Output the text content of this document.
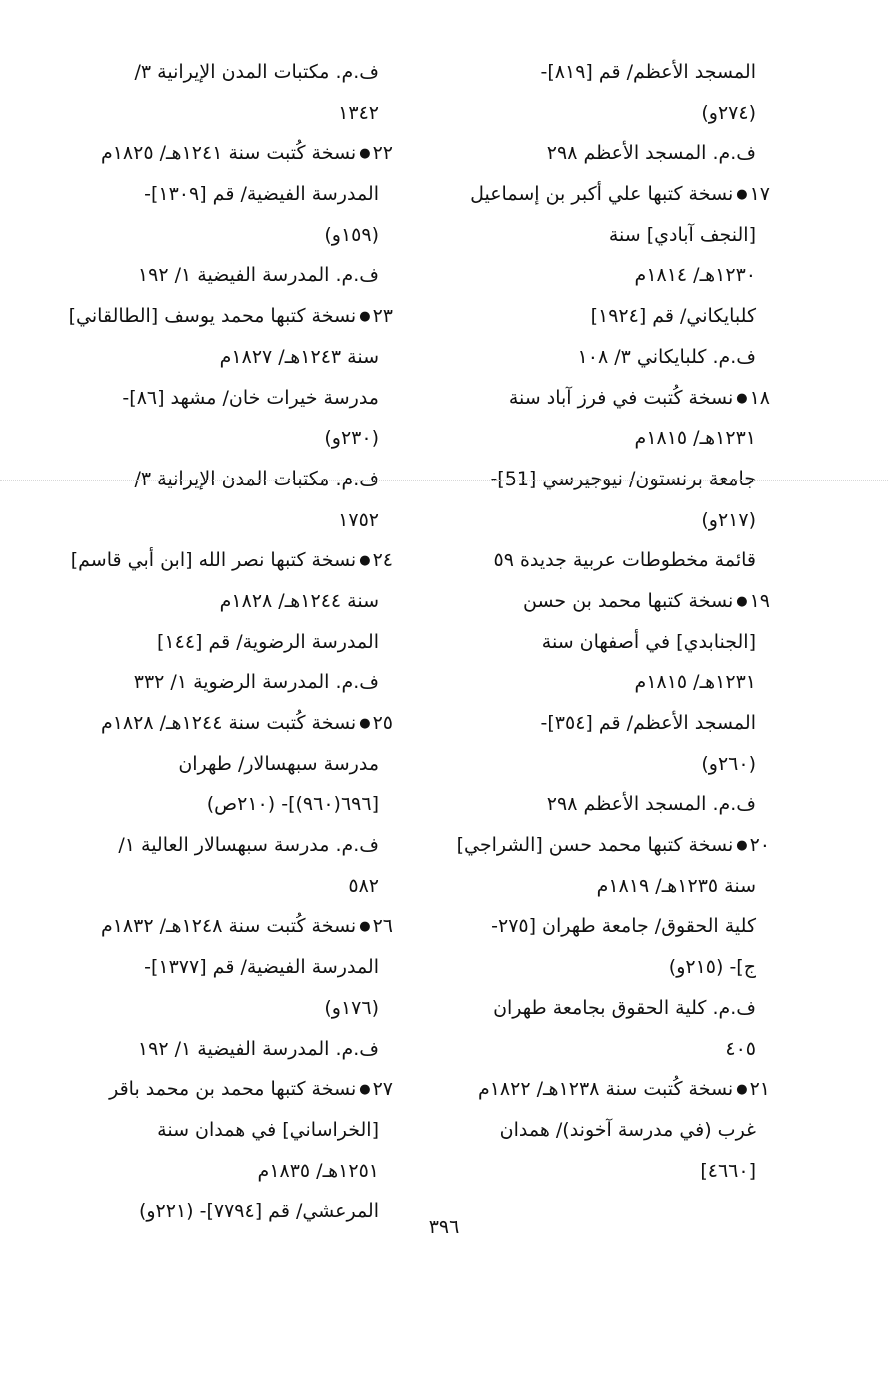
المسجد الأعظم/ قم [٨١٩]-
(٢٧٤و)
ف.م. المسجد الأعظم ٢٩٨
١٧●نسخة كتبها علي أكبر بن إسماعيل
[النجف آبادي] سنة
١٢٣٠هـ/ ١٨١٤م
كلبايكاني/ قم [١٩٢٤]
ف.م. كلبايكاني ٣/ ١٠٨
١٨●نسخة كُتبت في فرز آباد سنة
١٢٣١هـ/ ١٨١٥م
جامعة برنستون/ نيوجيرسي [51]-
(٢١٧و)
قائمة مخطوطات عربية جديدة ٥٩
١٩●نسخة كتبها محمد بن حسن
[الجنابدي] في أصفهان سنة
١٢٣١هـ/ ١٨١٥م
المسجد الأعظم/ قم [٣٥٤]-
(٢٦٠و)
ف.م. المسجد الأعظم ٢٩٨
٢٠●نسخة كتبها محمد حسن [الشراجي]
سنة ١٢٣٥هـ/ ١٨١٩م
كلية الحقوق/ جامعة طهران [٢٧٥-
ج]- (٢١٥و)
ف.م. كلية الحقوق بجامعة طهران
٤٠٥
٢١●نسخة كُتبت سنة ١٢٣٨هـ/ ١٨٢٢م
غرب (في مدرسة آخوند)/ همدان
[٤٦٦٠]
ف.م. مكتبات المدن الإيرانية ٣/
١٣٤٢
٢٢●نسخة كُتبت سنة ١٢٤١هـ/ ١٨٢٥م
المدرسة الفيضية/ قم [١٣٠٩]-
(١٥٩و)
ف.م. المدرسة الفيضية ١/ ١٩٢
٢٣●نسخة كتبها محمد يوسف [الطالقاني]
سنة ١٢٤٣هـ/ ١٨٢٧م
مدرسة خيرات خان/ مشهد [٨٦]-
(٢٣٠و)
ف.م. مكتبات المدن الإيرانية ٣/
١٧٥٢
٢٤●نسخة كتبها نصر الله [ابن أبي قاسم]
سنة ١٢٤٤هـ/ ١٨٢٨م
المدرسة الرضوية/ قم [١٤٤]
ف.م. المدرسة الرضوية ١/ ٣٣٢
٢٥●نسخة كُتبت سنة ١٢٤٤هـ/ ١٨٢٨م
مدرسة سبهسالار/ طهران
[٦٩٦(٩٦٠)]- (٢١٠ص)
ف.م. مدرسة سبهسالار العالية ١/
٥٨٢
٢٦●نسخة كُتبت سنة ١٢٤٨هـ/ ١٨٣٢م
المدرسة الفيضية/ قم [١٣٧٧]-
(١٧٦و)
ف.م. المدرسة الفيضية ١/ ١٩٢
٢٧●نسخة كتبها محمد بن محمد باقر
[الخراساني] في همدان سنة
١٢٥١هـ/ ١٨٣٥م
المرعشي/ قم [٧٧٩٤]- (٢٢١و)
٣٩٦
